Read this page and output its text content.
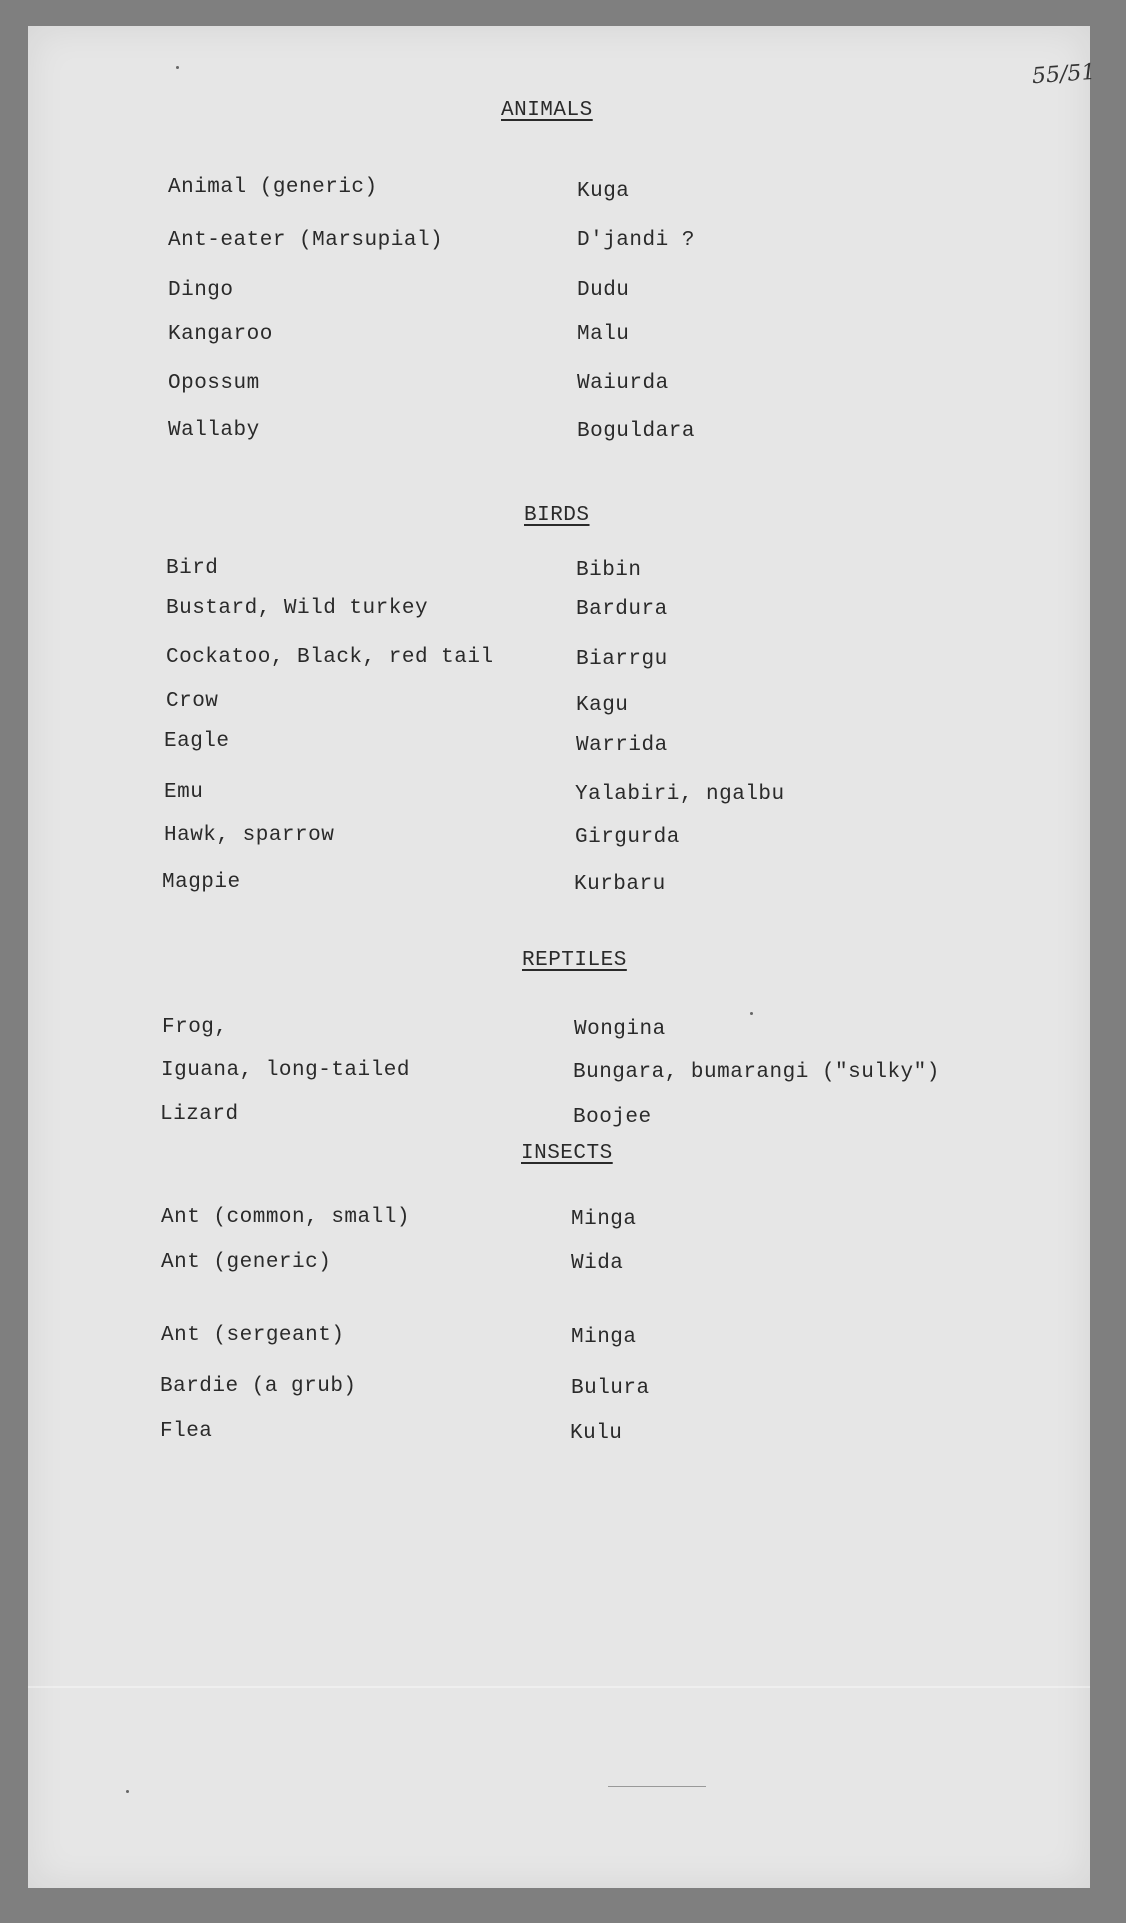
55/51

ANIMALS
Animal (generic)	Kuga
Ant-eater (Marsupial)	D'jandi ?
Dingo	Dudu
Kangaroo	Malu
Opossum	Waiurda
Wallaby	Boguldara
BIRDS
Bird	Bibin
Bustard, Wild turkey	Bardura
Cockatoo, Black, red tail	Biarrgu
Crow	Kagu
Eagle	Warrida
Emu	Yalabiri, ngalbu
Hawk, sparrow	Girgurda
Magpie	Kurbaru
REPTILES
Frog,	Wongina
Iguana, long-tailed	Bungara, bumarangi ("sulky")
Lizard	Boojee
INSECTS
Ant (common, small)	Minga
Ant (generic)	Wida
Ant (sergeant)	Minga
Bardie (a grub)	Bulura
Flea	Kulu
